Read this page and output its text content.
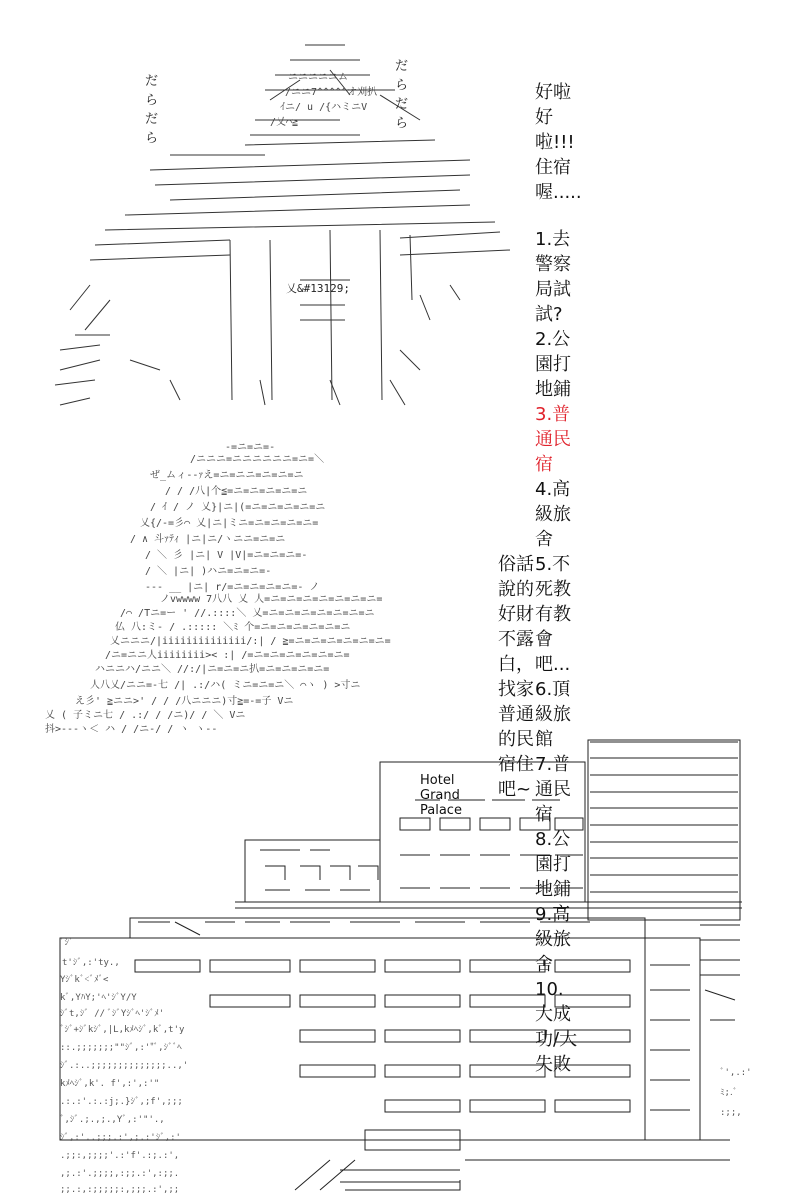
だら だら
だら だら
乂&#13129;
ニニニニニム
/ニニ7^^^^^オ刈扒
ｲニ/ u /{ハミニV
/乂⌒≧
好啦好啦!!!住宿喔.....
1.去警察局試試?
2.公園打地鋪
3.普通民宿
4.高級旅舍
5.不死教有教會吧...
6.頂級旅館
7.普通民宿
8.公園打地鋪
9.高級旅舍
10.大成功/大失敗
-=ニ=ニ=-
/ニニニ=ニニニニニニ=ニ=＼
ぜ_ムィ--ｧえ=ニ=ニニ=ニ=ニ=ニ
/ / /八|个≦=ニ=ニ=ニ=ニ=ニ
/ ｲ / ノ 乂}|ニ|(=ニ=ニ=ニ=ニ=ニ
乂{/-=彡⌒ 乂|ニ|ミニ=ニ=ニ=ニ=ニ=
/ ∧ 斗ｧﾃｨ |ニ|ニ/ヽニニ=ニ=ニ
/ ＼ 彡 |ニ| V |V|=ニ=ニ=ニ=-
/ ＼ |ニ| )ハニ=ニ=ニ=-
--- __ |ニ| r/=ニ=ニ=ニ=ニ=- ノ
ノvwwww 7八八 乂 人=ニ=ニ=ニ=ニ=ニ=ニ=ニ=
/⌒ /Tニ=ー ' //.::::＼ 乂=ニ=ニ=ニ=ニ=ニ=ニ=ニ
仏 八:ミ- / .::::: ＼ﾐ 个=ニ=ニ=ニ=ニ=ニ=ニ
乂ニニニ/|iiiiiiiiiiiiii/:| / ≧=ニ=ニ=ニ=ニ=ニ=ニ=
/ニ=ニニ人iiiiiiii>< :| /=ニ=ニ=ニ=ニ=ニ=ニ=
ハニニハ/ニニ＼ //:/|ニ=ニ=ニ扒=ニ=ニ=ニ=ニ=
人八乂/ニニ=-七 /| .:/ハ( ミニ=ニ=ニ＼ ⌒ヽ ) >寸ニ
え彡' ≧ニニ>' / / /八ニニニ)寸≧=-=子 Vニ
乂 ( 子ミニ七 / .:/ / /ニ)/ / ＼ Vニ
抖>---ヽ＜ ハ / /ニ-/ / ヽ ヽ--
俗話說的好財不露白，
找家普通的民宿住吧~
ﾞｼﾞ
t'ｼﾞ,:'ty.,
Yｼﾞkﾞ<ﾞﾒﾞ<
kﾞ,YﾊY;'ﾍ'ｼﾞY/Y
ｼﾞt,ｼﾞ // ﾞｼﾞYｼﾞﾍ'ｼﾞﾒ'
ﾞｼﾞ+ｼﾞkｼﾞ,|L,kﾒﾍｼﾞ,kﾞ,t'y
::.;;;;;;;""ｼﾞ,:'"ﾞ,ｼﾞﾞﾍ
ｼﾞ.:..;;;;;;;;;;;;;;..,'
kﾒﾍｼﾞ,k'. f',:',:'"
.:.:'.:.:j;.}ｼﾞ,;f',;;;
ﾞ,ｼﾞ.;.,;.,Yﾞ,:'"'.,
ｼﾞ,:'..;;;.:',;.:'ｼﾞ,:'
.;;:,;;;;'.:'f'.:;.:',
,;.:'.;;;;,:;;.:',:;;.
;;.:,:;;;;;:,;;;.:',;;
ﾞ',.:'
ﾐ;.ﾞ
:;;,
Hotel Grand Palace
